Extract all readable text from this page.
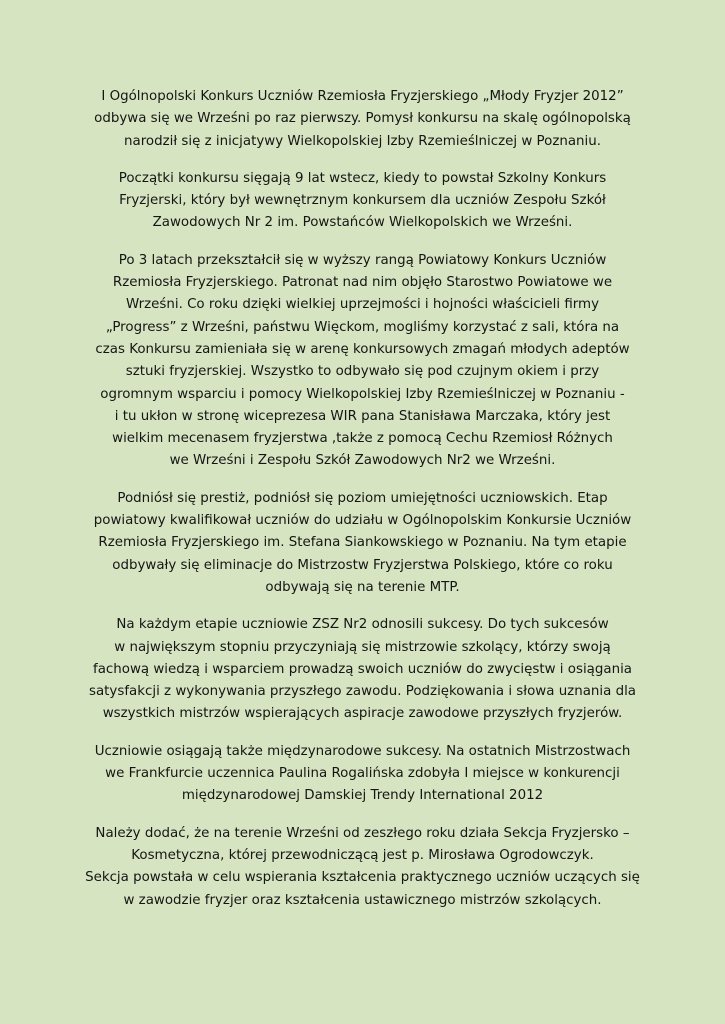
I Ogólnopolski Konkurs Uczniów Rzemiosła Fryzjerskiego „Młody Fryzjer 2012”
odbywa się we Wrześni po raz pierwszy. Pomysł konkursu na skalę ogólnopolską
narodził się z inicjatywy Wielkopolskiej Izby Rzemieślniczej w Poznaniu.
Początki konkursu sięgają 9 lat wstecz, kiedy to powstał Szkolny Konkurs
Fryzjerski, który był wewnętrznym konkursem dla uczniów Zespołu Szkół
Zawodowych Nr 2 im. Powstańców Wielkopolskich we Wrześni.
Po 3 latach przekształcił się w wyższy rangą Powiatowy Konkurs Uczniów
Rzemiosła Fryzjerskiego. Patronat nad nim objęło Starostwo Powiatowe we
Wrześni. Co roku dzięki wielkiej uprzejmości i hojności właścicieli firmy
„Progress” z Wrześni, państwu Więckom, mogliśmy korzystać z sali, która na
czas Konkursu zamieniała się w arenę konkursowych zmagań młodych adeptów
sztuki fryzjerskiej. Wszystko to odbywało się pod czujnym okiem i przy
ogromnym wsparciu i pomocy Wielkopolskiej Izby Rzemieślniczej w Poznaniu -
i tu ukłon w stronę wiceprezesa WIR pana Stanisława Marczaka, który jest
wielkim mecenasem fryzjerstwa ,także z pomocą Cechu Rzemiosł Różnych
we Wrześni i Zespołu Szkół Zawodowych Nr2 we Wrześni.
Podniósł się prestiż, podniósł się poziom umiejętności uczniowskich. Etap
powiatowy kwalifikował uczniów do udziału w Ogólnopolskim Konkursie Uczniów
Rzemiosła Fryzjerskiego im. Stefana Siankowskiego w Poznaniu. Na tym etapie
odbywały się eliminacje do Mistrzostw Fryzjerstwa Polskiego, które co roku
odbywają się na terenie MTP.
Na każdym etapie uczniowie ZSZ Nr2 odnosili sukcesy. Do tych sukcesów
w największym stopniu przyczyniają się mistrzowie szkolący, którzy swoją
fachową wiedzą i wsparciem prowadzą swoich uczniów do zwycięstw i osiągania
satysfakcji z wykonywania przyszłego zawodu. Podziękowania i słowa uznania dla
wszystkich mistrzów wspierających aspiracje zawodowe przyszłych fryzjerów.
Uczniowie osiągają także międzynarodowe sukcesy. Na ostatnich Mistrzostwach
we Frankfurcie uczennica Paulina Rogalińska zdobyła I miejsce w konkurencji
międzynarodowej Damskiej Trendy International 2012
Należy dodać, że na terenie Wrześni od zeszłego roku działa Sekcja Fryzjersko –
Kosmetyczna, której przewodniczącą jest p. Mirosława Ogrodowczyk.
Sekcja powstała w celu wspierania kształcenia praktycznego uczniów uczących się
w zawodzie fryzjer oraz kształcenia ustawicznego mistrzów szkolących.
